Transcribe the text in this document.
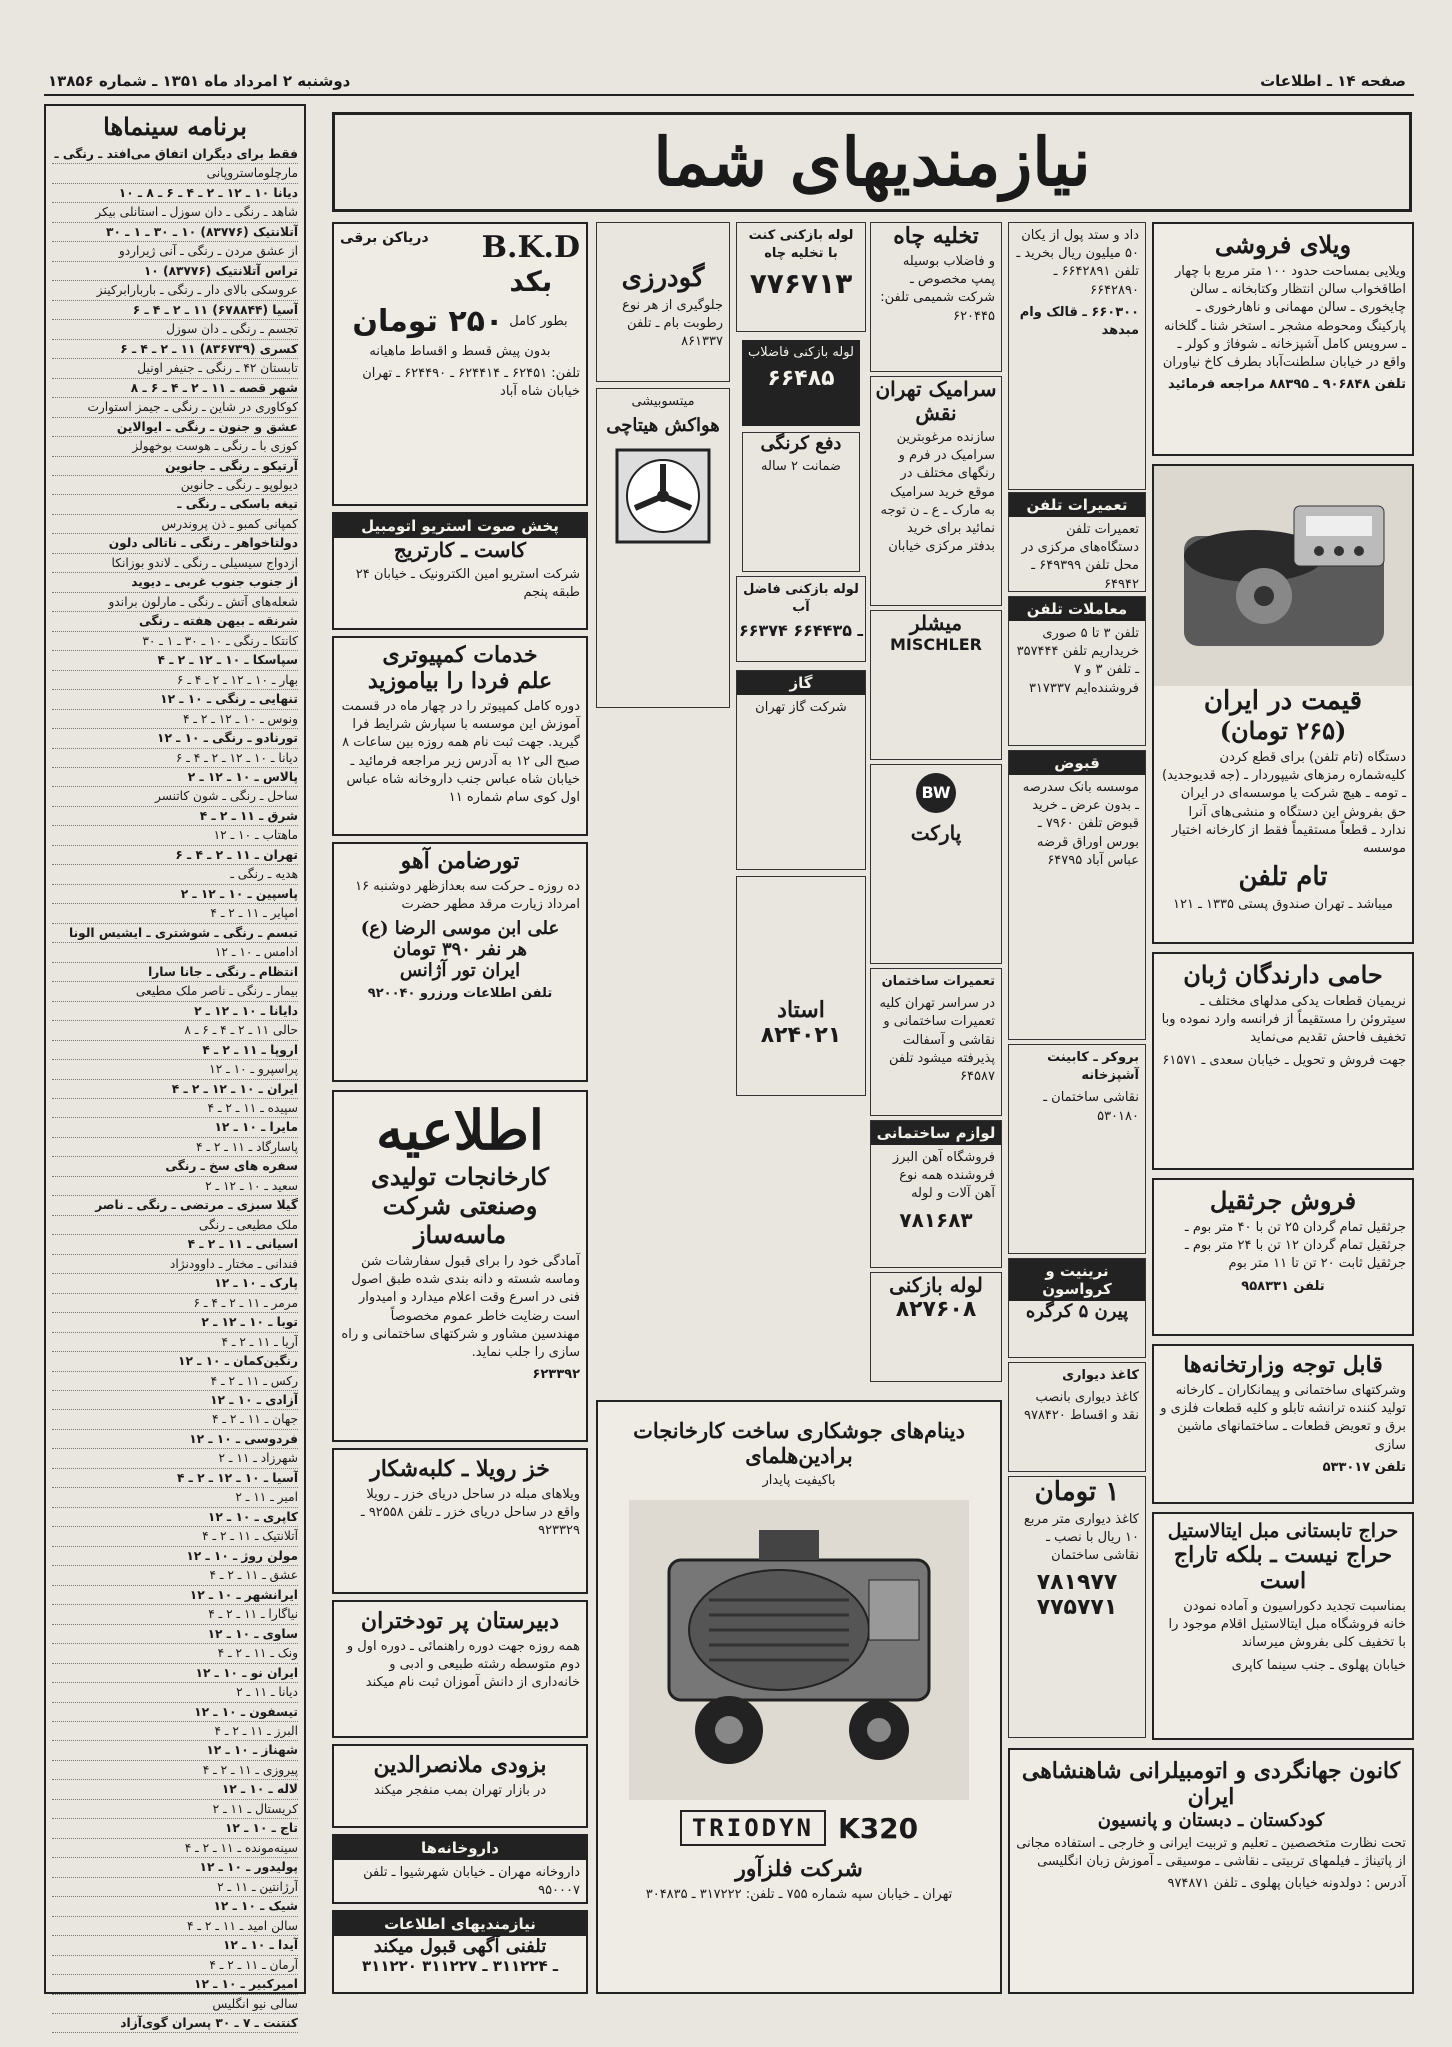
صفحه ۱۴ ـ اطلاعات
دوشنبه ۲ امرداد ماه ۱۳۵۱ ـ شماره ۱۳۸۵۶
برنامه سینماها
فقط برای دیگران اتفاق می‌افتد ـ رنگی ـ
مارچلوماستروپانی
دیانا ۱۰ ـ ۱۲ ـ ۲ ـ ۴ ـ ۶ ـ ۸ ـ ۱۰
شاهد ـ رنگی ـ دان سوزل ـ استانلی بیکر
آتلانتیک (۸۳۷۷۶) ۱۰ ـ ۳۰ ـ ۱ ـ ۳۰
از عشق مردن ـ رنگی ـ آنی ژیراردو
تراس آتلانتیک (۸۳۷۷۶) ۱۰
عروسکی بالای دار ـ رنگی ـ باربارابرکینز
آسیا (۶۷۸۸۴۴) ۱۱ ـ ۲ ـ ۴ ـ ۶
تجسم ـ رنگی ـ دان سوزل
کسری (۸۳۶۷۳۹) ۱۱ ـ ۲ ـ ۴ ـ ۶
تابستان ۴۲ ـ رنگی ـ جنیفر اونیل
شهر قصه ـ ۱۱ ـ ۲ ـ ۴ ـ ۶ ـ ۸
کوکاوری در شاین ـ رنگی ـ جیمز استوارت
عشق و جنون ـ رنگی ـ ایوالاین
کوزی با ـ رنگی ـ هوست بوخهولز
آرتیکو ـ رنگی ـ جانوین
دیولوپو ـ رنگی ـ جانوین
تیغه باسکی ـ رنگی ـ
کمپانی کمبو ـ ذن پروندرس
دولتاخواهر ـ رنگی ـ ناتالی دلون
ازدواج سیسیلی ـ رنگی ـ لاندو بوزانکا
از جنوب جنوب غربی ـ دیوید
شعله‌های آتش ـ رنگی ـ مارلون براندو
شرنقه ـ بیهن هفته ـ رنگی
کانتکا ـ رنگی ـ ۱۰ ـ ۳۰ ـ ۱ ـ ۳۰
سپاسکا ـ ۱۰ ـ ۱۲ ـ ۲ ـ ۴
بهار ـ ۱۰ ـ ۱۲ ـ ۲ ـ ۴ ـ ۶
تنهایی ـ رنگی ـ ۱۰ ـ ۱۲
ونوس ـ ۱۰ ـ ۱۲ ـ ۲ ـ ۴
تورنادو ـ رنگی ـ ۱۰ ـ ۱۲
دیانا ـ ۱۰ ـ ۱۲ ـ ۲ ـ ۴ ـ ۶
پالاس ـ ۱۰ ـ ۱۲ ـ ۲
ساحل ـ رنگی ـ شون کاتنسر
شرق ـ ۱۱ ـ ۲ ـ ۴
ماهتاب ـ ۱۰ ـ ۱۲
تهران ـ ۱۱ ـ ۲ ـ ۴ ـ ۶
هدیه ـ رنگی ـ
پاسپین ـ ۱۰ ـ ۱۲ ـ ۲
امپایر ـ ۱۱ ـ ۲ ـ ۴
تبسم ـ رنگی ـ شوشتری ـ ایشیس الونا
ادامس ـ ۱۰ ـ ۱۲
انتظام ـ رنگی ـ جانا سارا
بیمار ـ رنگی ـ ناصر ملک مطیعی
دایانا ـ ۱۰ ـ ۱۲ ـ ۲
حالی ۱۱ ـ ۲ ـ ۴ ـ ۶ ـ ۸
اروپا ـ ۱۱ ـ ۲ ـ ۴
پراسپرو ـ ۱۰ ـ ۱۲
ایران ـ ۱۰ ـ ۱۲ ـ ۲ ـ ۴
سپیده ـ ۱۱ ـ ۲ ـ ۴
مایرا ـ ۱۰ ـ ۱۲
پاسارگاد ـ ۱۱ ـ ۲ ـ ۴
سفره های سخ ـ رنگی
سعید ـ ۱۰ ـ ۱۲ ـ ۲
گیلا سبزی ـ مرتضی ـ رنگی ـ ناصر
ملک مطیعی ـ رنگی
اسیانی ـ ۱۱ ـ ۲ ـ ۴
فندانی ـ مختار ـ داوودنژاد
پارک ـ ۱۰ ـ ۱۲
مرمر ـ ۱۱ ـ ۲ ـ ۴ ـ ۶
توبا ـ ۱۰ ـ ۱۲ ـ ۲
آریا ـ ۱۱ ـ ۲ ـ ۴
رنگین‌کمان ـ ۱۰ ـ ۱۲
رکس ـ ۱۱ ـ ۲ ـ ۴
آزادی ـ ۱۰ ـ ۱۲
جهان ـ ۱۱ ـ ۲ ـ ۴
فردوسی ـ ۱۰ ـ ۱۲
شهرزاد ـ ۱۱ ـ ۲
آسیا ـ ۱۰ ـ ۱۲ ـ ۲ ـ ۴
امیر ـ ۱۱ ـ ۲
کاپری ـ ۱۰ ـ ۱۲
آتلانتیک ـ ۱۱ ـ ۲ ـ ۴
مولن روژ ـ ۱۰ ـ ۱۲
عشق ـ ۱۱ ـ ۲ ـ ۴
ایرانشهر ـ ۱۰ ـ ۱۲
نیاگارا ـ ۱۱ ـ ۲ ـ ۴
ساوی ـ ۱۰ ـ ۱۲
ونک ـ ۱۱ ـ ۲ ـ ۴
ایران نو ـ ۱۰ ـ ۱۲
دیانا ـ ۱۱ ـ ۲
تیسفون ـ ۱۰ ـ ۱۲
البرز ـ ۱۱ ـ ۲ ـ ۴
شهناز ـ ۱۰ ـ ۱۲
پیروزی ـ ۱۱ ـ ۲ ـ ۴
لاله ـ ۱۰ ـ ۱۲
کریستال ـ ۱۱ ـ ۲
تاج ـ ۱۰ ـ ۱۲
سینه‌مونده ـ ۱۱ ـ ۲ ـ ۴
پولیدور ـ ۱۰ ـ ۱۲
آرژانتین ـ ۱۱ ـ ۲
شیک ـ ۱۰ ـ ۱۲
سالن امید ـ ۱۱ ـ ۲ ـ ۴
آیدا ـ ۱۰ ـ ۱۲
آرمان ـ ۱۱ ـ ۲ ـ ۴
امیرکبیر ـ ۱۰ ـ ۱۲
سالی نیو انگلیس
کنتنت ـ ۷ ـ ۳۰ پسران گوی‌آزاد
نیازمندیهای شما
ویلای فروشی

ویلایی بمساحت حدود ۱۰۰ متر مربع با چهار اطاقخواب سالن انتظار وکتابخانه ـ سالن چایخوری ـ سالن مهمانی و ناهارخوری ـ پارکینگ ومحوطه مشجر ـ استخر شنا ـ گلخانه ـ سرویس کامل آشپزخانه ـ شوفاژ و کولر ـ واقع در خیابان سلطنت‌آباد بطرف کاخ نیاوران

تلفن ۹۰۶۸۴۸ ـ ۸۸۳۹۵ مراجعه فرمائید

قیمت در ایران
(۲۶۵ تومان)

دستگاه (تام تلفن) برای قطع کردن کلیه‌شماره رمزهای شیپوردار ـ (جه قدیوجدید) ـ تومه ـ هیچ شرکت یا موسسه‌ای در ایران حق بفروش این دستگاه و منشی‌های آنرا ندارد ـ قطعاً مستقیماً فقط از کارخانه اختیار موسسه

تام تلفن

میباشد ـ تهران صندوق پستی ۱۳۳۵ ـ ۱۲۱

حامی دارندگان ژبان

نریمیان قطعات یدکی مدلهای مختلف ـ سیتروئن را مستقیماً از فرانسه وارد نموده وبا تخفیف فاحش تقدیم می‌نماید

جهت فروش و تحویل ـ خیابان سعدی ـ ۶۱۵۷۱

فروش جرثقیل

جرثقیل تمام گردان ۲۵ تن با ۴۰ متر بوم ـ جرثقیل تمام گردان ۱۲ تن با ۲۴ متر بوم ـ جرثقیل ثابت ۲۰ تن تا ۱۱ متر بوم

تلفن ۹۵۸۳۳۱

قابل توجه وزارتخانه‌ها

وشرکتهای ساختمانی و پیمانکاران ـ کارخانه تولید کننده ترانشه تابلو و کلیه قطعات فلزی و برق و تعویض قطعات ـ ساختمانهای ماشین سازی

تلفن ۵۳۳۰۱۷

حراج تابستانی مبل ایتالاستیل
حراج نیست ـ بلکه تاراج است

بمناسبت تجدید دکوراسیون و آماده نمودن خانه فروشگاه مبل ایتالاستیل اقلام موجود را با تخفیف کلی بفروش میرساند

خیابان پهلوی ـ جنب سینما کاپری

کانون جهانگردی و اتومبیلرانی شاهنشاهی ایران
کودکستان ـ دبستان و پانسیون

تحت نظارت متخصصین ـ تعلیم و تربیت ایرانی و خارجی ـ استفاده مجانی از پاتیناژ ـ فیلمهای تربیتی ـ نقاشی ـ موسیقی ـ آموزش زبان انگلیسی

آدرس : دولدونه خیابان پهلوی ـ تلفن ۹۷۴۸۷۱

داد و ستد پول از یکان ۵۰ میلیون ریال بخرید ـ تلفن ۶۶۴۲۸۹۱ ـ ۶۶۴۲۸۹۰

۶۶۰۳۰۰ ـ قالک وام مبدهد

تعمیرات تلفن

تعمیرات تلفن دستگاه‌های مرکزی در محل تلفن ۶۴۹۳۹۹ ـ ۶۴۹۴۲

معاملات تلفن

تلفن ۳ تا ۵ صوری خریداریم تلفن ۳۵۷۴۴۴ ـ تلفن ۳ و ۷ فروشنده‌ایم ۳۱۷۳۳۷

قبوض

موسسه بانک سدرصه ـ بدون عرض ـ خرید قبوض تلفن ۷۹۶۰ ـ بورس اوراق قرضه عباس آباد ۶۴۷۹۵

بروکر ـ کابینت آشپزخانه

نقاشی ساختمان ـ ۵۳۰۱۸۰

نرینیت و کرواسون
پیرن ۵ کرگره

کاغذ دیواری

کاغذ دیواری بانصب نقد و اقساط ۹۷۸۴۲۰

۱ تومان

کاغذ دیواری متر مربع ۱۰ ریال با نصب ـ نقاشی ساختمان

۷۸۱۹۷۷
۷۷۵۷۷۱
تخلیه چاه

و فاضلاب بوسیله پمپ مخصوص ـ شرکت شمیمی تلفن: ۶۲۰۴۴۵

سرامیک تهران نقش

سازنده مرغوبترین سرامیک در فرم و رنگهای مختلف در موقع خرید سرامیک به مارک ـ ع ـ ن توجه نمائید برای خرید بدفتر مرکزی خیابان

میشلر
MISCHLER
BW
پارکت

تعمیرات ساختمان

در سراسر تهران کلیه تعمیرات ساختمانی و نقاشی و آسفالت پذیرفته میشود تلفن ۶۴۵۸۷

لوازم ساختمانی

فروشگاه آهن البرز فروشنده همه نوع آهن آلات و لوله

۷۸۱۶۸۳
لوله بازکنی
۸۲۷۶۰۸

لوله بازکنی کنت با تخلیه چاه

۷۷۶۷۱۳

لوله بازکنی فاضلاب

۶۶۴۸۵
دفع کرنگی

ضمانت ۲ ساله

لوله بازکنی فاضل آب

۶۶۳۷۴ ـ ۶۶۴۴۳۵
گاز

شرکت گاز تهران

استاد
۸۲۴۰۲۱
گودرزی

جلوگیری از هر نوع رطوبت بام ـ تلفن ۸۶۱۳۳۷

میتسوبیشی

هواکش هیتاچی
دریاکن برقی B.K.D
بکد
بطور کامل
۲۵۰ تومان

بدون پیش قسط و اقساط ماهیانه

تلفن: ۶۲۴۵۱ ـ ۶۲۴۴۱۴ ـ ۶۲۴۴۹۰ ـ تهران خیابان شاه آباد

پخش صوت استریو اتومبیل
کاست ـ کارتریج

شرکت استریو امین الکترونیک ـ خیابان ۲۴ طبقه پنجم

خدمات کمپیوتری
علم فردا را بیاموزید

دوره کامل کمپیوتر را در چهار ماه در قسمت آموزش این موسسه با سپارش شرایط فرا گیرید. جهت ثبت نام همه روزه بین ساعات ۸ صبح الی ۱۲ به آدرس زیر مراجعه فرمائید ـ خیابان شاه عباس جنب داروخانه شاه عباس اول کوی سام شماره ۱۱

تورضامن آهو

ده روزه ـ حرکت سه بعدازظهر دوشنبه ۱۶ امرداد زیارت مرقد مطهر حضرت

علی ابن موسی الرضا (ع)
هر نفر ۳۹۰ تومان
ایران تور آژانس

تلفن اطلاعات ورزرو ۹۲۰۰۴۰

اطلاعیه
کارخانجات تولیدی وصنعتی شرکت ماسه‌ساز

آمادگی خود را برای قبول سفارشات شن وماسه شسته و دانه بندی شده طبق اصول فنی در اسرع وقت اعلام میدارد و امیدوار است رضایت خاطر عموم مخصوصاً مهندسین مشاور و شرکتهای ساختمانی و راه سازی را جلب نماید.

۶۲۳۳۹۲

خز رویلا ـ کلبه‌شکار

ویلاهای مبله در ساحل دریای خزر ـ رویلا واقع در ساحل دریای خزر ـ تلفن ۹۲۵۵۸ ـ ۹۲۳۳۲۹

دبیرستان پر تودختران

همه روزه جهت دوره راهنمائی ـ دوره اول و دوم متوسطه رشته طبیعی و ادبی و خانه‌داری از دانش آموزان ثبت نام میکند

بزودی ملانصرالدین

در بازار تهران بمب منفجر میکند

داروخانه‌ها

داروخانه مهران ـ خیابان شهرشیوا ـ تلفن ۹۵۰۰۰۷

نیازمندیهای اطلاعات
تلفنی آگهی قبول میکند
۳۱۱۲۲۰ ـ ۳۱۱۲۲۴ ـ ۳۱۱۲۲۷
دینام‌های جوشکاری ساخت کارخانجات برادین‌هلمای

باکیفیت پایدار

TRIODYN K320
شرکت فلزآور

تهران ـ خیابان سپه شماره ۷۵۵ ـ تلفن: ۳۱۷۲۲۲ ـ ۳۰۴۸۳۵
